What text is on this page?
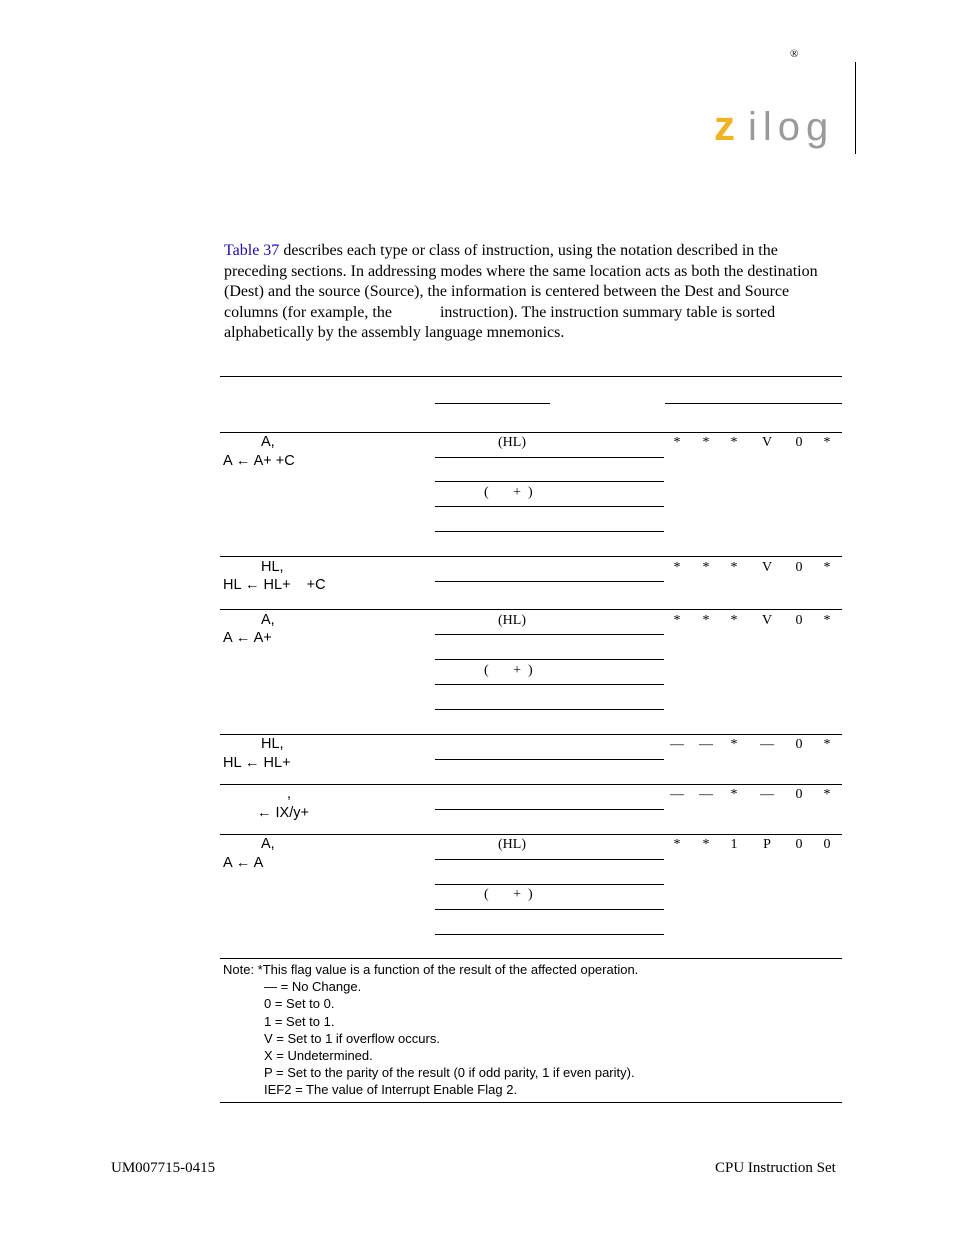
z ilog
®
Table 37 describes each type or class of instruction, using the notation described in the preceding sections. In addressing modes where the same location acts as both the destination (Dest) and the source (Source), the information is centered between the Dest and Source columns (for example, the	instruction). The instruction summary table is sorted alphabetically by the assembly language mnemonics.
A,
A ← A+ +C
(HL)
(       +  )
* * * V 0 *
HL,
HL ← HL+    +C
* * * V 0 *
A,
A ← A+
(HL)
(       +  )
* * * V 0 *
HL,
HL ← HL+
— — * — 0 *
,
← IX/y+
— — * — 0 *
A,
A ← A
(HL)
(       +  )
* * 1 P 0 0
Note: *This flag value is a function of the result of the affected operation.
— = No Change.
0 = Set to 0.
1 = Set to 1.
V = Set to 1 if overflow occurs.
X = Undetermined.
P = Set to the parity of the result (0 if odd parity, 1 if even parity).
IEF2 = The value of Interrupt Enable Flag 2.
UM007715-0415	CPU Instruction Set
